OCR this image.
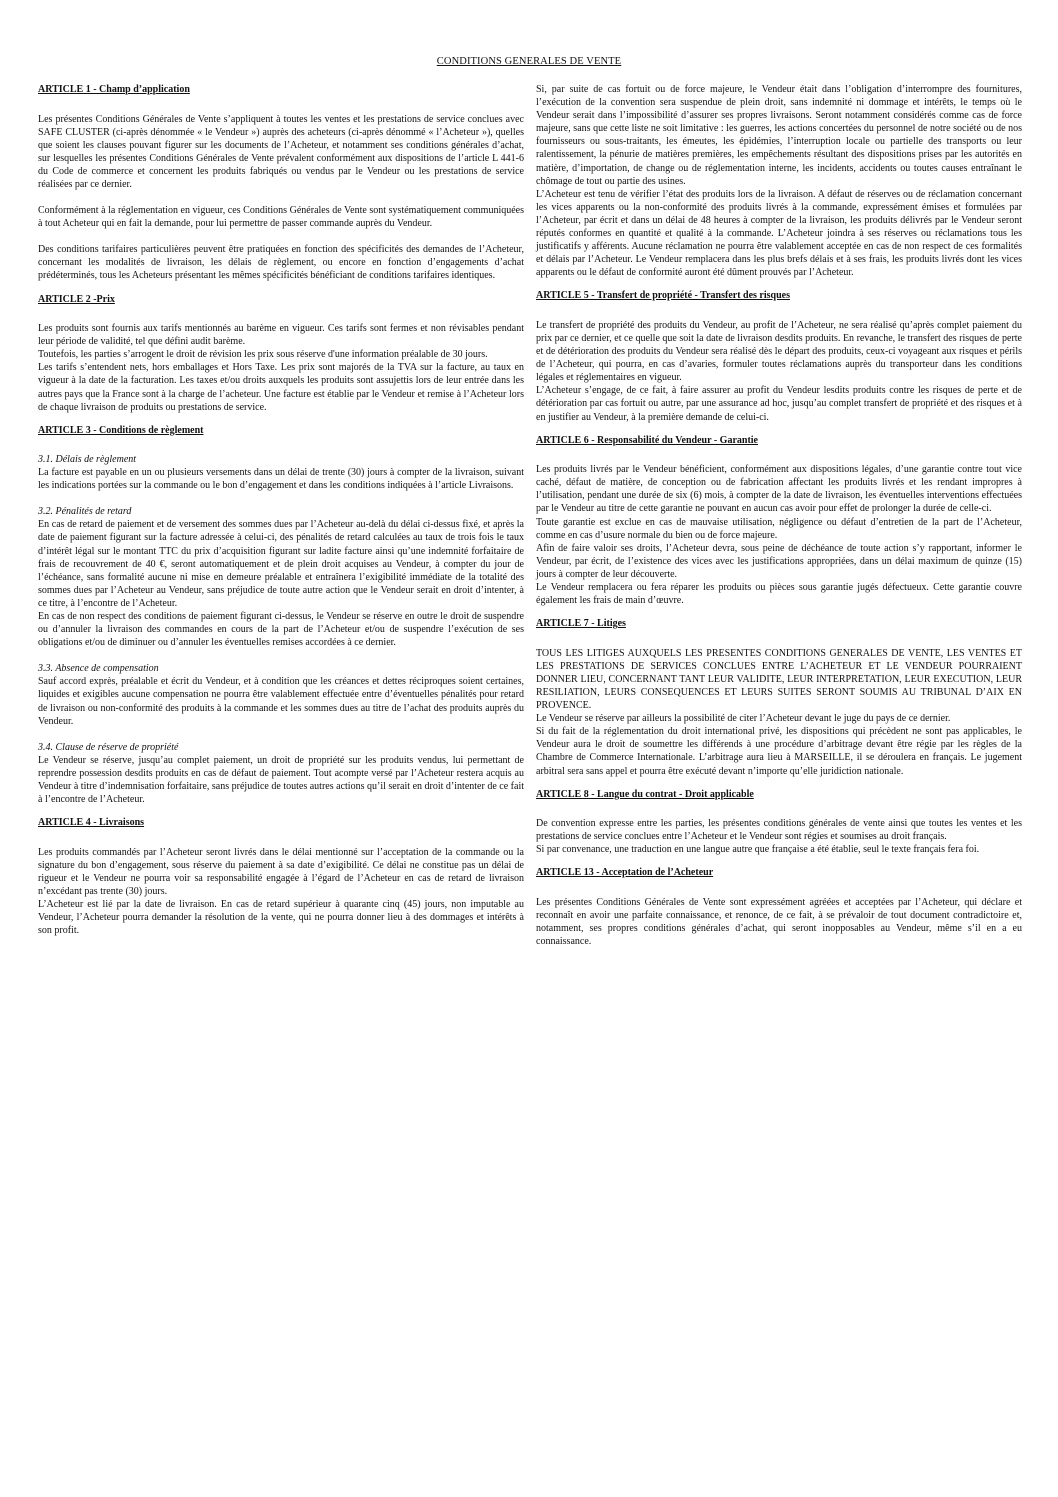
CONDITIONS GENERALES DE VENTE
ARTICLE 1 - Champ d’application

Les présentes Conditions Générales de Vente s’appliquent à toutes les ventes et les prestations de service conclues avec SAFE CLUSTER (ci-après dénommée « le Vendeur ») auprès des acheteurs (ci-après dénommé « l’Acheteur »), quelles que soient les clauses pouvant figurer sur les documents de l’Acheteur, et notamment ses conditions générales d’achat, sur lesquelles les présentes Conditions Générales de Vente prévalent conformément aux dispositions de l’article L 441-6 du Code de commerce et concernent les produits fabriqués ou vendus par le Vendeur ou les prestations de service réalisées par ce dernier.

Conformément à la réglementation en vigueur, ces Conditions Générales de Vente sont systématiquement communiquées à tout Acheteur qui en fait la demande, pour lui permettre de passer commande auprès du Vendeur.

Des conditions tarifaires particulières peuvent être pratiquées en fonction des spécificités des demandes de l’Acheteur, concernant les modalités de livraison, les délais de règlement, ou encore en fonction d’engagements d’achat prédéterminés, tous les Acheteurs présentant les mêmes spécificités bénéficiant de conditions tarifaires identiques.

ARTICLE 2 -Prix

Les produits sont fournis aux tarifs mentionnés au barème en vigueur. Ces tarifs sont fermes et non révisables pendant leur période de validité, tel que défini audit barème.

Toutefois, les parties s’arrogent le droit de révision les prix sous réserve d'une information préalable de 30 jours.

Les tarifs s’entendent nets, hors emballages et Hors Taxe. Les prix sont majorés de la TVA sur la facture, au taux en vigueur à la date de la facturation. Les taxes et/ou droits auxquels les produits sont assujettis lors de leur entrée dans les autres pays que la France sont à la charge de l’acheteur. Une facture est établie par le Vendeur et remise à l’Acheteur lors de chaque livraison de produits ou prestations de service.

ARTICLE 3 - Conditions de règlement
3.1. Délais de règlement

La facture est payable en un ou plusieurs versements dans un délai de trente (30) jours à compter de la livraison, suivant les indications portées sur la commande ou le bon d’engagement et dans les conditions indiquées à l’article Livraisons.

3.2. Pénalités de retard

En cas de retard de paiement et de versement des sommes dues par l’Acheteur au-delà du délai ci-dessus fixé, et après la date de paiement figurant sur la facture adressée à celui-ci, des pénalités de retard calculées au taux de trois fois le taux d’intérêt légal sur le montant TTC du prix d’acquisition figurant sur ladite facture ainsi qu’une indemnité forfaitaire de frais de recouvrement de 40 €, seront automatiquement et de plein droit acquises au Vendeur, à compter du jour de l’échéance, sans formalité aucune ni mise en demeure préalable et entraînera l’exigibilité immédiate de la totalité des sommes dues par l’Acheteur au Vendeur, sans préjudice de toute autre action que le Vendeur serait en droit d’intenter, à ce titre, à l’encontre de l’Acheteur.

En cas de non respect des conditions de paiement figurant ci-dessus, le Vendeur se réserve en outre le droit de suspendre ou d’annuler la livraison des commandes en cours de la part de l’Acheteur et/ou de suspendre l’exécution de ses obligations et/ou de diminuer ou d’annuler les éventuelles remises accordées à ce dernier.

3.3. Absence de compensation

Sauf accord exprès, préalable et écrit du Vendeur, et à condition que les créances et dettes réciproques soient certaines, liquides et exigibles aucune compensation ne pourra être valablement effectuée entre d’éventuelles pénalités pour retard de livraison ou non-conformité des produits à la commande et les sommes dues au titre de l’achat des produits auprès du Vendeur.

3.4. Clause de réserve de propriété

Le Vendeur se réserve, jusqu’au complet paiement, un droit de propriété sur les produits vendus, lui permettant de reprendre possession desdits produits en cas de défaut de paiement. Tout acompte versé par l’Acheteur restera acquis au Vendeur à titre d’indemnisation forfaitaire, sans préjudice de toutes autres actions qu’il serait en droit d’intenter de ce fait à l’encontre de l’Acheteur.

ARTICLE 4 - Livraisons

Les produits commandés par l’Acheteur seront livrés dans le délai mentionné sur l’acceptation de la commande ou la signature du bon d’engagement, sous réserve du paiement à sa date d’exigibilité. Ce délai ne constitue pas un délai de rigueur et le Vendeur ne pourra voir sa responsabilité engagée à l’égard de l’Acheteur en cas de retard de livraison n’excédant pas trente (30) jours.

L’Acheteur est lié par la date de livraison. En cas de retard supérieur à quarante cinq (45) jours, non imputable au Vendeur, l’Acheteur pourra demander la résolution de la vente, qui ne pourra donner lieu à des dommages et intérêts à son profit.

Si, par suite de cas fortuit ou de force majeure, le Vendeur était dans l’obligation d’interrompre des fournitures, l’exécution de la convention sera suspendue de plein droit, sans indemnité ni dommage et intérêts, le temps où le Vendeur serait dans l’impossibilité d’assurer ses propres livraisons. Seront notamment considérés comme cas de force majeure, sans que cette liste ne soit limitative : les guerres, les actions concertées du personnel de notre société ou de nos fournisseurs ou sous-traitants, les émeutes, les épidémies, l’interruption locale ou partielle des transports ou leur ralentissement, la pénurie de matières premières, les empêchements résultant des dispositions prises par les autorités en matière, d’importation, de change ou de réglementation interne, les incidents, accidents ou toutes causes entraînant le chômage de tout ou partie des usines.

L’Acheteur est tenu de vérifier l’état des produits lors de la livraison. A défaut de réserves ou de réclamation concernant les vices apparents ou la non-conformité des produits livrés à la commande, expressément émises et formulées par l’Acheteur, par écrit et dans un délai de 48 heures à compter de la livraison, les produits délivrés par le Vendeur seront réputés conformes en quantité et qualité à la commande. L’Acheteur joindra à ses réserves ou réclamations tous les justificatifs y afférents. Aucune réclamation ne pourra être valablement acceptée en cas de non respect de ces formalités et délais par l’Acheteur. Le Vendeur remplacera dans les plus brefs délais et à ses frais, les produits livrés dont les vices apparents ou le défaut de conformité auront été dûment prouvés par l’Acheteur.

ARTICLE 5 - Transfert de propriété - Transfert des risques

Le transfert de propriété des produits du Vendeur, au profit de l’Acheteur, ne sera réalisé qu’après complet paiement du prix par ce dernier, et ce quelle que soit la date de livraison desdits produits. En revanche, le transfert des risques de perte et de détérioration des produits du Vendeur sera réalisé dès le départ des produits, ceux-ci voyageant aux risques et périls de l’Acheteur, qui pourra, en cas d’avaries, formuler toutes réclamations auprès du transporteur dans les conditions légales et réglementaires en vigueur.

L’Acheteur s’engage, de ce fait, à faire assurer au profit du Vendeur lesdits produits contre les risques de perte et de détérioration par cas fortuit ou autre, par une assurance ad hoc, jusqu’au complet transfert de propriété et des risques et à en justifier au Vendeur, à la première demande de celui-ci.

ARTICLE 6 - Responsabilité du Vendeur - Garantie

Les produits livrés par le Vendeur bénéficient, conformément aux dispositions légales, d’une garantie contre tout vice caché, défaut de matière, de conception ou de fabrication affectant les produits livrés et les rendant impropres à l’utilisation, pendant une durée de six (6) mois, à compter de la date de livraison, les éventuelles interventions effectuées par le Vendeur au titre de cette garantie ne pouvant en aucun cas avoir pour effet de prolonger la durée de celle-ci.

Toute garantie est exclue en cas de mauvaise utilisation, négligence ou défaut d’entretien de la part de l’Acheteur, comme en cas d’usure normale du bien ou de force majeure.

Afin de faire valoir ses droits, l’Acheteur devra, sous peine de déchéance de toute action s’y rapportant, informer le Vendeur, par écrit, de l’existence des vices avec les justifications appropriées, dans un délai maximum de quinze (15) jours à compter de leur découverte.

Le Vendeur remplacera ou fera réparer les produits ou pièces sous garantie jugés défectueux. Cette garantie couvre également les frais de main d’œuvre.

ARTICLE 7 - Litiges

TOUS LES LITIGES AUXQUELS LES PRESENTES CONDITIONS GENERALES DE VENTE, LES VENTES ET LES PRESTATIONS DE SERVICES CONCLUES ENTRE L’ACHETEUR ET LE VENDEUR POURRAIENT DONNER LIEU, CONCERNANT TANT LEUR VALIDITE, LEUR INTERPRETATION, LEUR EXECUTION, LEUR RESILIATION, LEURS CONSEQUENCES ET LEURS SUITES SERONT SOUMIS AU TRIBUNAL D’AIX EN PROVENCE.

Le Vendeur se réserve par ailleurs la possibilité de citer l’Acheteur devant le juge du pays de ce dernier.

Si du fait de la réglementation du droit international privé, les dispositions qui précèdent ne sont pas applicables, le Vendeur aura le droit de soumettre les différends à une procédure d’arbitrage devant être régie par les règles de la Chambre de Commerce Internationale. L’arbitrage aura lieu à MARSEILLE, il se déroulera en français. Le jugement arbitral sera sans appel et pourra être exécuté devant n’importe qu’elle juridiction nationale.

ARTICLE 8 - Langue du contrat - Droit applicable

De convention expresse entre les parties, les présentes conditions générales de vente ainsi que toutes les ventes et les prestations de service conclues entre l’Acheteur et le Vendeur sont régies et soumises au droit français.

Si par convenance, une traduction en une langue autre que française a été établie, seul le texte français fera foi.

ARTICLE 13 - Acceptation de l’Acheteur

Les présentes Conditions Générales de Vente sont expressément agréées et acceptées par l’Acheteur, qui déclare et reconnaît en avoir une parfaite connaissance, et renonce, de ce fait, à se prévaloir de tout document contradictoire et, notamment, ses propres conditions générales d’achat, qui seront inopposables au Vendeur, même s’il en a eu connaissance.
